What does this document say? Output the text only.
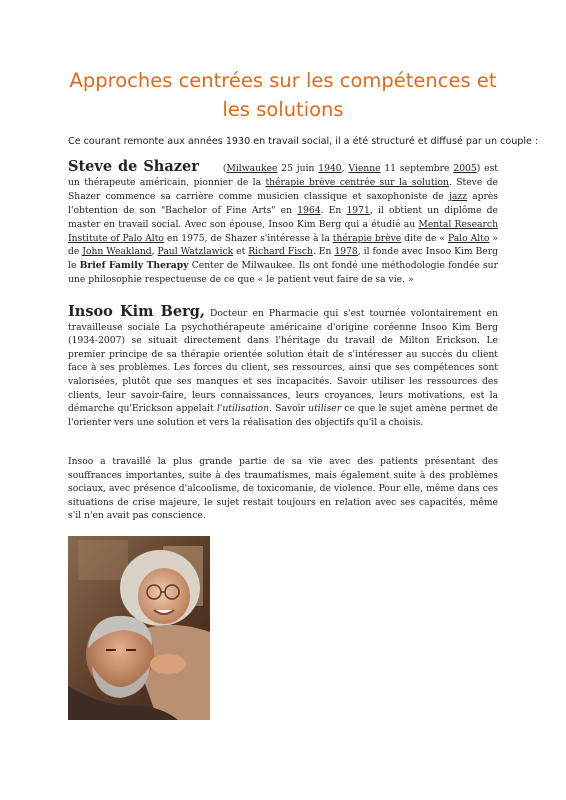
Approches centrées sur les compétences et les solutions
Ce courant remonte aux années 1930 en travail social, il a été structuré et diffusé par un couple :
Steve de Shazer	(Milwaukee 25 juin 1940, Vienne 11 septembre 2005) est un thérapeute américain, pionnier de la thérapie brève centrée sur la solution. Steve de Shazer commence sa carrière comme musicien classique et saxophoniste de jazz après l'obtention de son "Bachelor of Fine Arts" en 1964. En 1971, il obtient un diplôme de master en travail social. Avec son épouse, Insoo Kim Berg qui a étudié au Mental Research Institute of Palo Alto en 1975, de Shazer s'intéresse à la thérapie brève dite de « Palo Alto » de John Weakland, Paul Watzlawick et Richard Fisch. En 1978, il fonde avec Insoo Kim Berg le Brief Family Therapy Center de Milwaukee. Ils ont fondé une méthodologie fondée sur une philosophie respectueuse de ce que « le patient veut faire de sa vie. »
Insoo Kim Berg, Docteur en Pharmacie qui s'est tournée volontairement en travailleuse sociale La psychothérapeute américaine d'origine coréenne Insoo Kim Berg (1934-2007) se situait directement dans l'héritage du travail de Milton Erickson. Le premier principe de sa thérapie orientée solution était de s'intéresser au succès du client face à ses problèmes. Les forces du client, ses ressources, ainsi que ses compétences sont valorisées, plutôt que ses manques et ses incapacités. Savoir utiliser les ressources des clients, leur savoir-faire, leurs connaissances, leurs croyances, leurs motivations, est la démarche qu'Erickson appelait l'utilisation. Savoir utiliser ce que le sujet amène permet de l'orienter vers une solution et vers la réalisation des objectifs qu'il a choisis.
Insoo a travaillé la plus grande partie de sa vie avec des patients présentant des souffrances importantes, suite à des traumatismes, mais également suite à des problèmes sociaux, avec présence d'alcoolisme, de toxicomanie, de violence. Pour elle, même dans ces situations de crise majeure, le sujet restait toujours en relation avec ses capacités, même s'il n'en avait pas conscience.
